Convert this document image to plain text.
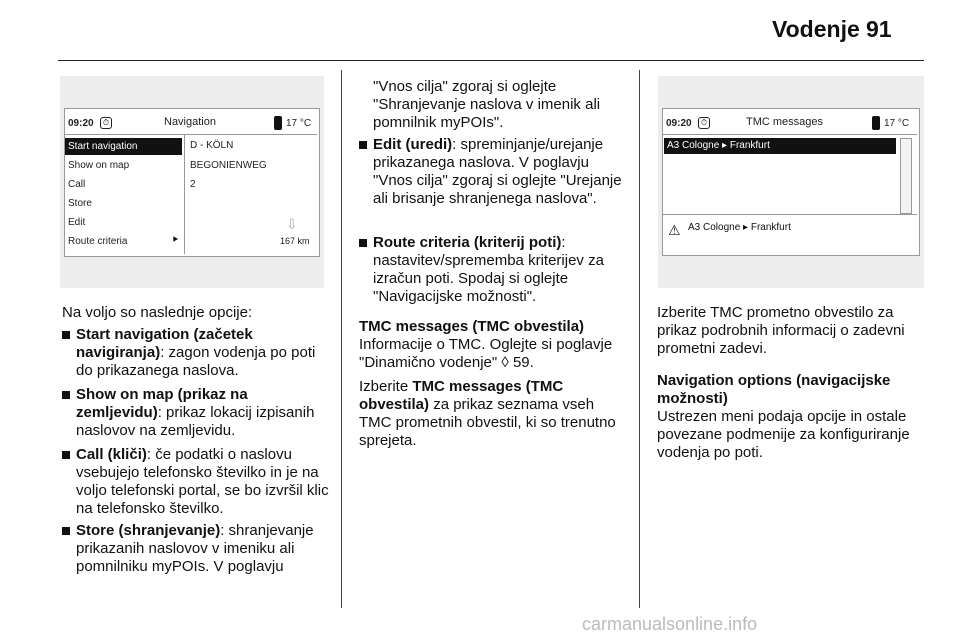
Vodenje 91
09:20	⏱	Navigation	17 °C
Start navigation
Show on map
Call
Store
Edit
Route criteria	⯈
D - KÖLN
BEGONIENWEG
2
⇩
167 km
09:20	⏱	TMC messages	17 °C
A3 Cologne ▸ Frankfurt
⚠ A3 Cologne ▸ Frankfurt
Na voljo so naslednje opcije:
Start navigation (začetek navigiranja): zagon vodenja po poti do prikazanega naslova.
Show on map (prikaz na zemljevidu): prikaz lokacij izpisanih naslovov na zemljevidu.
Call (kliči): če podatki o naslovu vsebujejo telefonsko številko in je na voljo telefonski portal, se bo izvršil klic na telefonsko številko.
Store (shranjevanje): shranjevanje prikazanih naslovov v imeniku ali pomnilniku myPOIs. V poglavju
"Vnos cilja" zgoraj si oglejte "Shranjevanje naslova v imenik ali pomnilnik myPOIs".
Edit (uredi): spreminjanje/urejanje prikazanega naslova. V poglavju "Vnos cilja" zgoraj si oglejte "Urejanje ali brisanje shranjenega naslova".
Route criteria (kriterij poti): nastavitev/sprememba kriterijev za izračun poti. Spodaj si oglejte "Navigacijske možnosti".
TMC messages (TMC obvestila)
Informacije o TMC. Oglejte si poglavje "Dinamično vodenje" ◊ 59.
Izberite TMC messages (TMC obvestila) za prikaz seznama vseh TMC prometnih obvestil, ki so trenutno sprejeta.
Izberite TMC prometno obvestilo za prikaz podrobnih informacij o zadevni prometni zadevi.
Navigation options (navigacijske možnosti)
Ustrezen meni podaja opcije in ostale povezane podmenije za konfiguriranje vodenja po poti.
carmanualsonline.info
